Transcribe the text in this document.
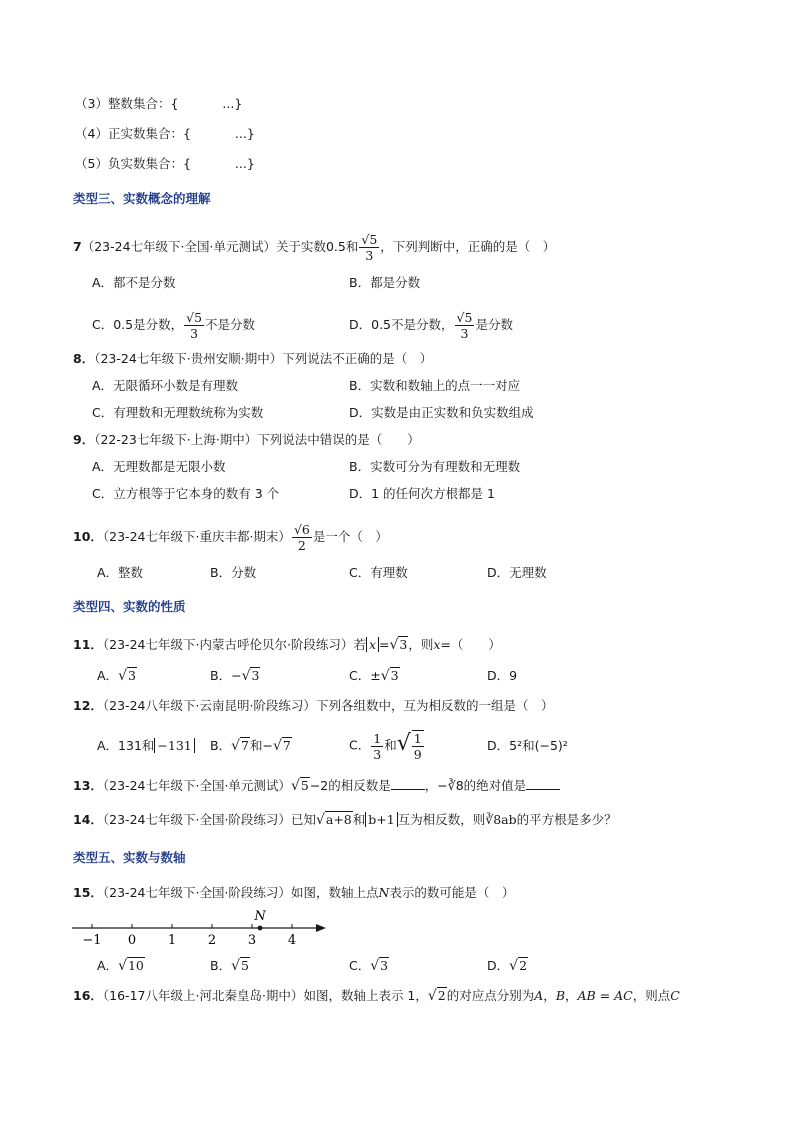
（3）整数集合：{	...}
（4）正实数集合：{	...}
（5）负实数集合：{	...}
类型三、实数概念的理解
7（23-24七年级下·全国·单元测试）关于实数0.5和 $\frac{√5}{3}$ ，下列判断中，正确的是（　）
A．都不是分数	B．都是分数
C．0.5是分数， $\frac{√5}{3}$ 不是分数	D．0.5不是分数， $\frac{√5}{3}$ 是分数
8．（23-24七年级下·贵州安顺·期中）下列说法不正确的是（　）
A．无限循环小数是有理数	B．实数和数轴上的点一一对应
C．有理数和无理数统称为实数	D．实数是由正实数和负实数组成
9．（22-23七年级下·上海·期中）下列说法中错误的是（　　）
A．无理数都是无限小数	B．实数可分为有理数和无理数
C．立方根等于它本身的数有 3 个	D．1 的任何次方根都是 1
10．（23-24七年级下·重庆丰都·期末） $\frac{√6}{2}$ 是一个（　）
A．整数	B．分数	C．有理数	D．无理数
类型四、实数的性质
11．（23-24七年级下·内蒙古呼伦贝尔·阶段练习）若 x =√3，则x=（　　）
A．√3	B．−√3	C．±√3	D．9
12．（23-24八年级下·云南昆明·阶段练习）下列各组数中，互为相反数的一组是（　）
A．131和 −131 B．√7和−√7	C． $\frac{1}{3}$ 和√ $\frac{1}{9}$	D．5²和(−5)²
13．（23-24七年级下·全国·单元测试）√5−2的相反数是	，−∛8的绝对值是
14．（23-24七年级下·全国·阶段练习）已知√a+8和 b+1 互为相反数，则∛8ab的平方根是多少？
类型五、实数与数轴
15．（23-24七年级下·全国·阶段练习）如图，数轴上点N表示的数可能是（　）
−1 0 1 2 3 4
N
A．√10	B．√5	C．√3	D．√2
16．（16-17八年级上·河北秦皇岛·期中）如图，数轴上表示 1，√2的对应点分别为A，B，AB = AC，则点C
